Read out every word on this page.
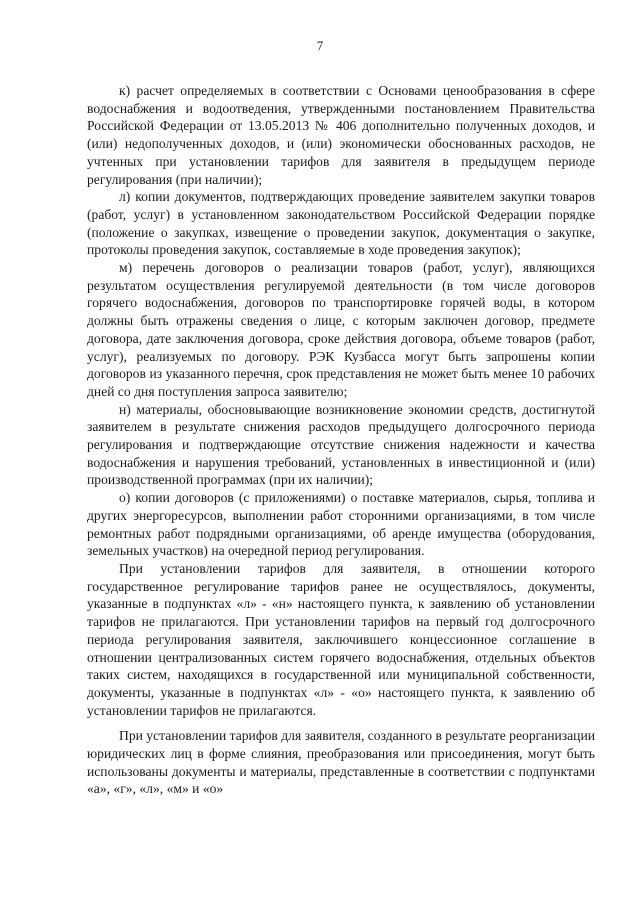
7

к) расчет определяемых в соответствии с Основами ценообразования в сфере водоснабжения и водоотведения, утвержденными постановлением Правительства Российской Федерации от 13.05.2013 № 406 дополнительно полученных доходов, и (или) недополученных доходов, и (или) экономически обоснованных расходов, не учтенных при установлении тарифов для заявителя в предыдущем периоде регулирования (при наличии);

л) копии документов, подтверждающих проведение заявителем закупки товаров (работ, услуг) в установленном законодательством Российской Федерации порядке (положение о закупках, извещение о проведении закупок, документация о закупке, протоколы проведения закупок, составляемые в ходе проведения закупок);

м) перечень договоров о реализации товаров (работ, услуг), являющихся результатом осуществления регулируемой деятельности (в том числе договоров горячего водоснабжения, договоров по транспортировке горячей воды, в котором должны быть отражены сведения о лице, с которым заключен договор, предмете договора, дате заключения договора, сроке действия договора, объеме товаров (работ, услуг), реализуемых по договору. РЭК Кузбасса могут быть запрошены копии договоров из указанного перечня, срок представления не может быть менее 10 рабочих дней со дня поступления запроса заявителю;

н) материалы, обосновывающие возникновение экономии средств, достигнутой заявителем в результате снижения расходов предыдущего долгосрочного периода регулирования и подтверждающие отсутствие снижения надежности и качества водоснабжения и нарушения требований, установленных в инвестиционной и (или) производственной программах (при их наличии);

о) копии договоров (с приложениями) о поставке материалов, сырья, топлива и других энергоресурсов, выполнении работ сторонними организациями, в том числе ремонтных работ подрядными организациями, об аренде имущества (оборудования, земельных участков) на очередной период регулирования.

При установлении тарифов для заявителя, в отношении которого государственное регулирование тарифов ранее не осуществлялось, документы, указанные в подпунктах «л» - «н» настоящего пункта, к заявлению об установлении тарифов не прилагаются. При установлении тарифов на первый год долгосрочного периода регулирования заявителя, заключившего концессионное соглашение в отношении централизованных систем горячего водоснабжения, отдельных объектов таких систем, находящихся в государственной или муниципальной собственности, документы, указанные в подпунктах «л» - «о» настоящего пункта, к заявлению об установлении тарифов не прилагаются.

При установлении тарифов для заявителя, созданного в результате реорганизации юридических лиц в форме слияния, преобразования или присоединения, могут быть использованы документы и материалы, представленные в соответствии с подпунктами «а», «г», «л», «м» и «о»
